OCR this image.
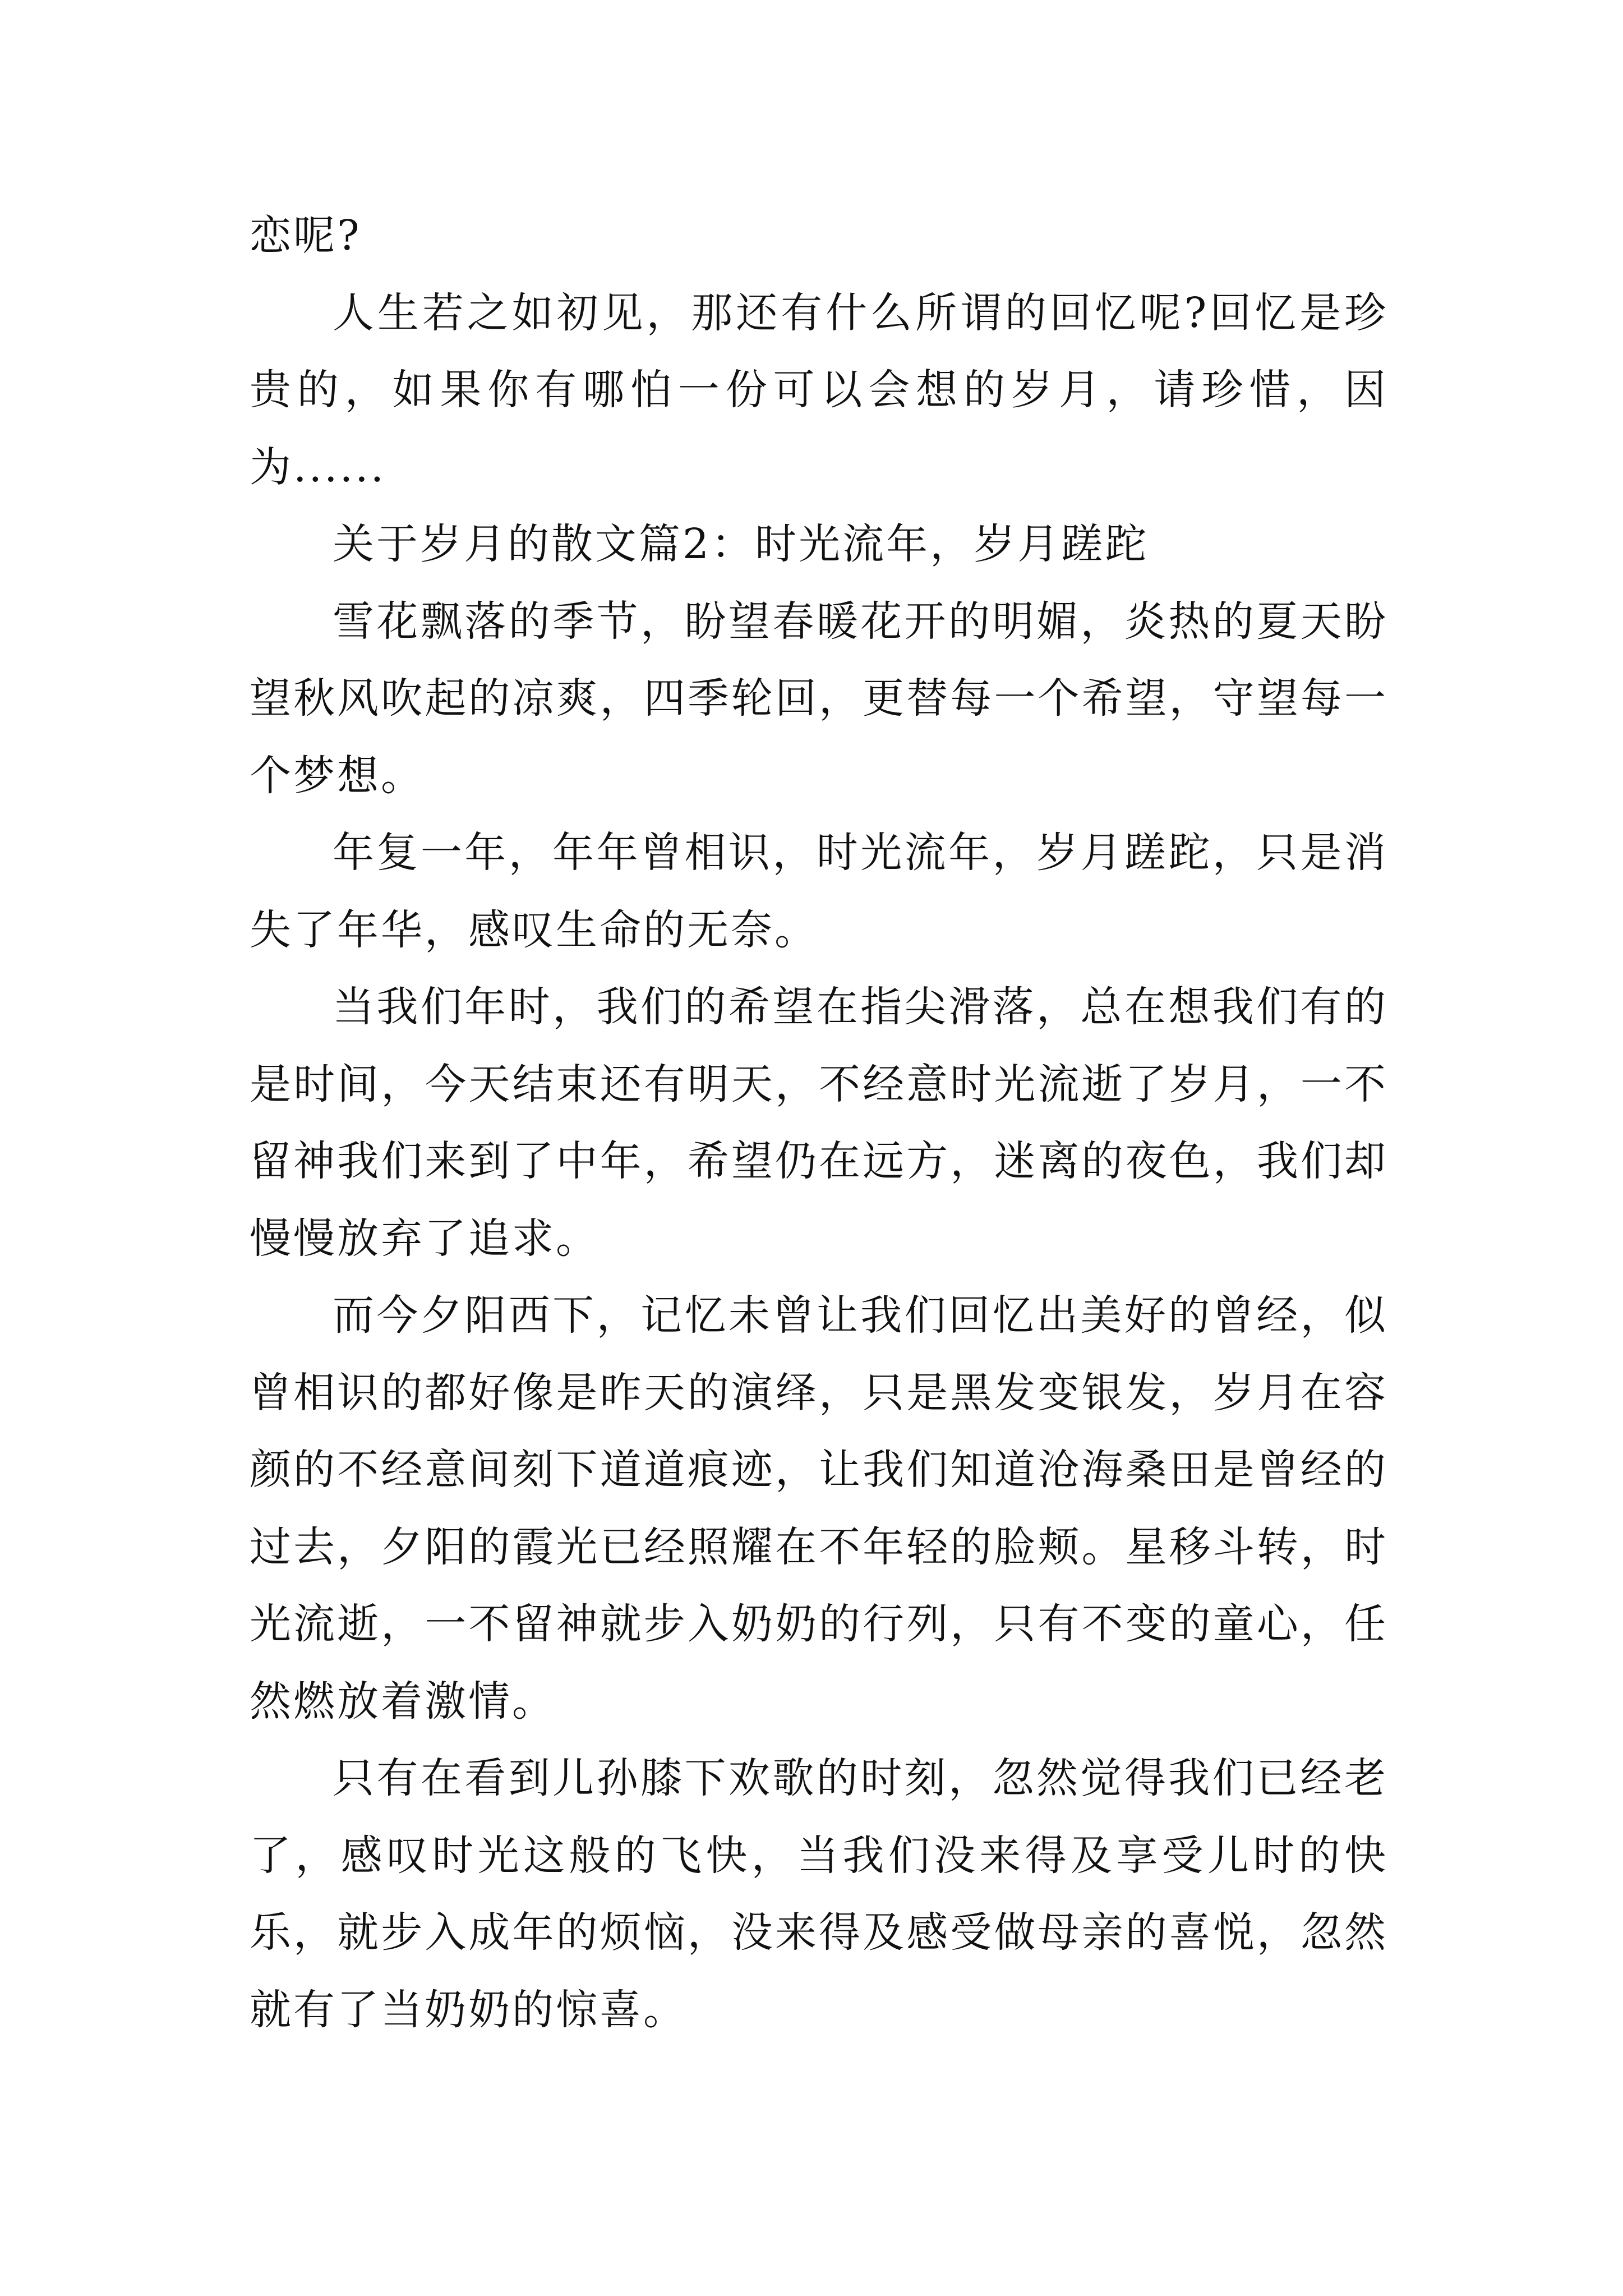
恋呢?

人生若之如初见，那还有什么所谓的回忆呢?回忆是珍贵的，如果你有哪怕一份可以会想的岁月，请珍惜，因为......

关于岁月的散文篇2：时光流年，岁月蹉跎

雪花飘落的季节，盼望春暖花开的明媚，炎热的夏天盼望秋风吹起的凉爽，四季轮回，更替每一个希望，守望每一个梦想。

年复一年，年年曾相识，时光流年，岁月蹉跎，只是消失了年华，感叹生命的无奈。

当我们年时，我们的希望在指尖滑落，总在想我们有的是时间，今天结束还有明天，不经意时光流逝了岁月，一不留神我们来到了中年，希望仍在远方，迷离的夜色，我们却慢慢放弃了追求。

而今夕阳西下，记忆未曾让我们回忆出美好的曾经，似曾相识的都好像是昨天的演绎，只是黑发变银发，岁月在容颜的不经意间刻下道道痕迹，让我们知道沧海桑田是曾经的过去，夕阳的霞光已经照耀在不年轻的脸颊。星移斗转，时光流逝，一不留神就步入奶奶的行列，只有不变的童心，任然燃放着激情。

只有在看到儿孙膝下欢歌的时刻，忽然觉得我们已经老了，感叹时光这般的飞快，当我们没来得及享受儿时的快乐，就步入成年的烦恼，没来得及感受做母亲的喜悦，忽然就有了当奶奶的惊喜。
